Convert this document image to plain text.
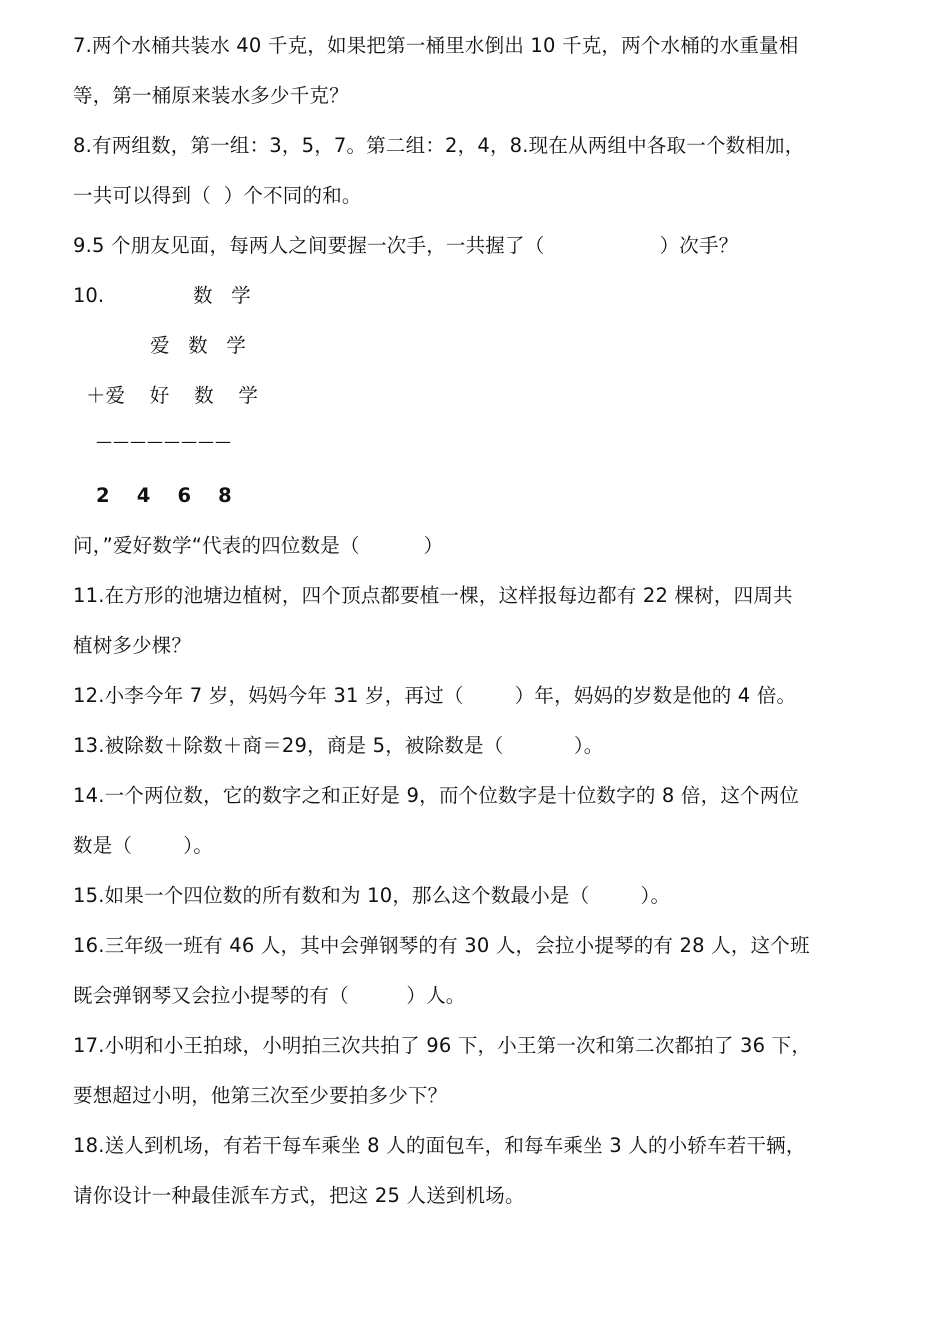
7.两个水桶共装水 40 千克，如果把第一桶里水倒出 10 千克，两个水桶的水重量相
等，第一桶原来装水多少千克？
8.有两组数，第一组：3，5，7。第二组：2，4，8.现在从两组中各取一个数相加，
一共可以得到（  ）个不同的和。
9.5 个朋友见面，每两人之间要握一次手，一共握了（                  ）次手？
10.	数   学
爱   数   学
＋爱    好    数    学
————————
2    4    6    8
问，”爱好数学“代表的四位数是（          ）
11.在方形的池塘边植树，四个顶点都要植一棵，这样报每边都有 22 棵树，四周共
植树多少棵？
12.小李今年 7 岁，妈妈今年 31 岁，再过（        ）年，妈妈的岁数是他的 4 倍。
13.被除数＋除数＋商＝29，商是 5，被除数是（           ）。
14.一个两位数，它的数字之和正好是 9，而个位数字是十位数字的 8 倍，这个两位
数是（        ）。
15.如果一个四位数的所有数和为 10，那么这个数最小是（        ）。
16.三年级一班有 46 人，其中会弹钢琴的有 30 人，会拉小提琴的有 28 人，这个班
既会弹钢琴又会拉小提琴的有（         ）人。
17.小明和小王拍球，小明拍三次共拍了 96 下，小王第一次和第二次都拍了 36 下，
要想超过小明，他第三次至少要拍多少下？
18.送人到机场，有若干每车乘坐 8 人的面包车，和每车乘坐 3 人的小轿车若干辆，
请你设计一种最佳派车方式，把这 25 人送到机场。
